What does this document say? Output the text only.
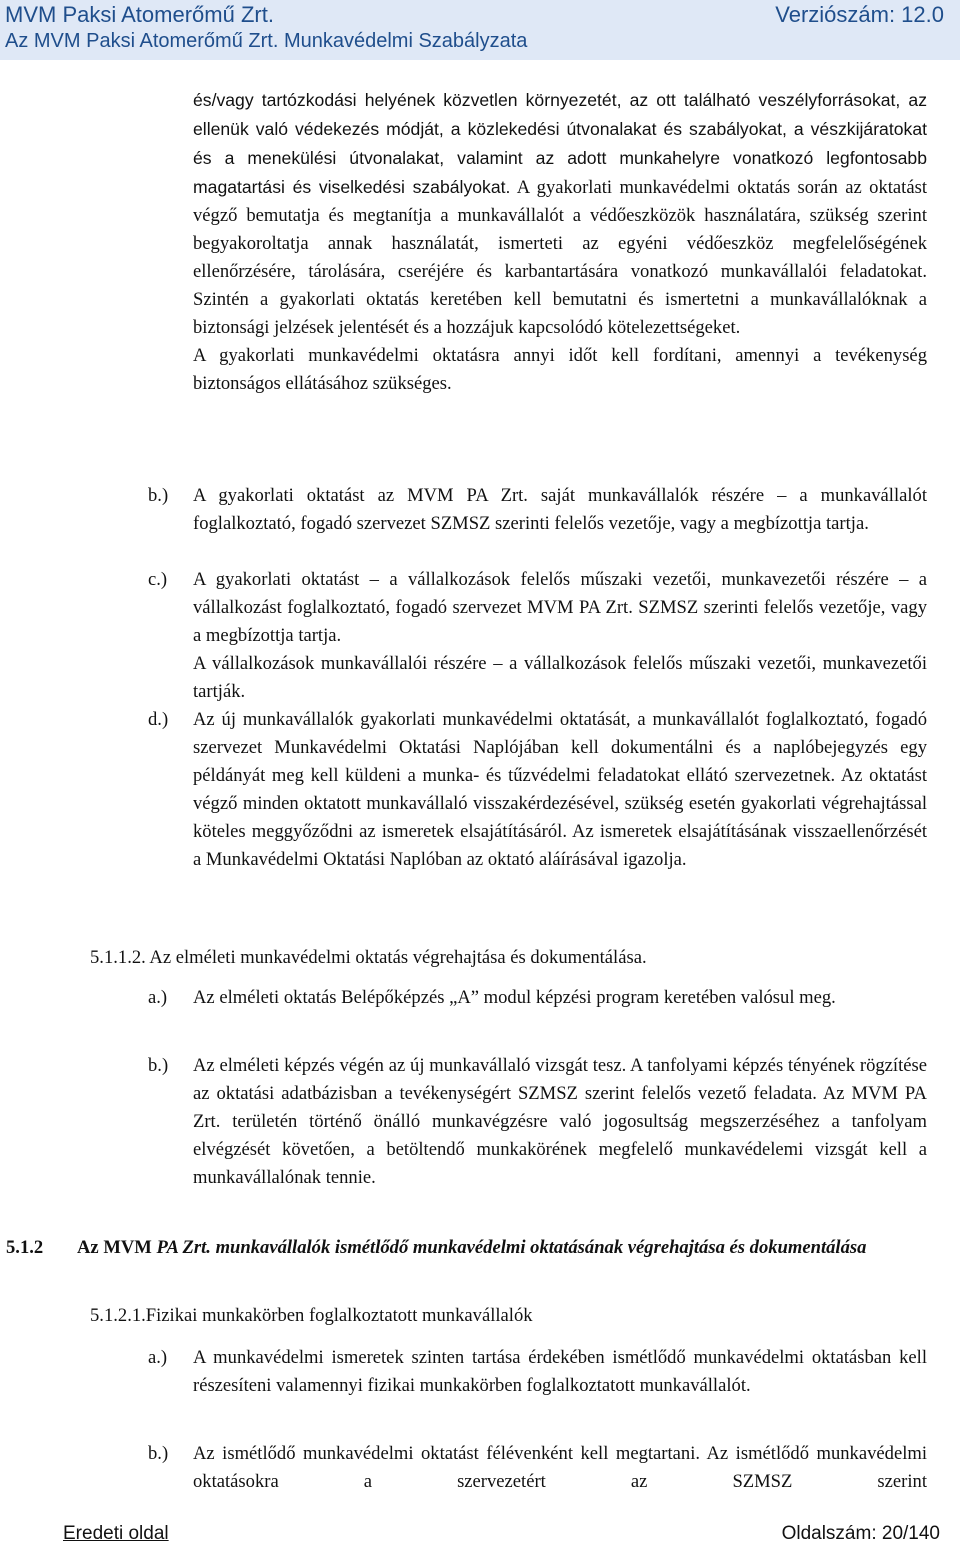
MVM Paksi Atomerőmű Zrt.	Verziószám: 12.0
Az MVM Paksi Atomerőmű Zrt. Munkavédelmi Szabályzata

és/vagy tartózkodási helyének közvetlen környezetét, az ott található veszélyforrásokat, az ellenük való védekezés módját, a közlekedési útvonalakat és szabályokat, a vészkijáratokat és a menekülési útvonalakat, valamint az adott munkahelyre vonatkozó legfontosabb magatartási és viselkedési szabályokat. A gyakorlati munkavédelmi oktatás során az oktatást végző bemutatja és megtanítja a munkavállalót a védőeszközök használatára, szükség szerint begyakoroltatja annak használatát, ismerteti az egyéni védőeszköz megfelelőségének ellenőrzésére, tárolására, cseréjére és karbantartására vonatkozó munkavállalói feladatokat. Szintén a gyakorlati oktatás keretében kell bemutatni és ismertetni a munkavállalóknak a biztonsági jelzések jelentését és a hozzájuk kapcsolódó kötelezettségeket.

A gyakorlati munkavédelmi oktatásra annyi időt kell fordítani, amennyi a tevékenység biztonságos ellátásához szükséges.

b.) A gyakorlati oktatást az MVM PA Zrt. saját munkavállalók részére – a munkavállalót foglalkoztató, fogadó szervezet SZMSZ szerinti felelős vezetője, vagy a megbízottja tartja.
c.) A gyakorlati oktatást – a vállalkozások felelős műszaki vezetői, munkavezetői részére – a vállalkozást foglalkoztató, fogadó szervezet MVM PA Zrt. SZMSZ szerinti felelős vezetője, vagy a megbízottja tartja.

A vállalkozások munkavállalói részére – a vállalkozások felelős műszaki vezetői, munkavezetői tartják.

d.) Az új munkavállalók gyakorlati munkavédelmi oktatását, a munkavállalót foglalkoztató, fogadó szervezet Munkavédelmi Oktatási Naplójában kell dokumentálni és a naplóbejegyzés egy példányát meg kell küldeni a munka- és tűzvédelmi feladatokat ellátó szervezetnek. Az oktatást végző minden oktatott munkavállaló visszakérdezésével, szükség esetén gyakorlati végrehajtással köteles meggyőződni az ismeretek elsajátításáról. Az ismeretek elsajátításának visszaellenőrzését a Munkavédelmi Oktatási Naplóban az oktató aláírásával igazolja.
5.1.1.2. Az elméleti munkavédelmi oktatás végrehajtása és dokumentálása.
a.) Az elméleti oktatás Belépőképzés „A” modul képzési program keretében valósul meg.
b.) Az elméleti képzés végén az új munkavállaló vizsgát tesz. A tanfolyami képzés tényének rögzítése az oktatási adatbázisban a tevékenységért SZMSZ szerint felelős vezető feladata. Az MVM PA Zrt. területén történő önálló munkavégzésre való jogosultság megszerzéséhez a tanfolyam elvégzését követően, a betöltendő munkakörének megfelelő munkavédelemi vizsgát kell a munkavállalónak tennie.
5.1.2 Az MVM PA Zrt. munkavállalók ismétlődő munkavédelmi oktatásának végrehajtása és dokumentálása
5.1.2.1.Fizikai munkakörben foglalkoztatott munkavállalók
a.) A munkavédelmi ismeretek szinten tartása érdekében ismétlődő munkavédelmi oktatásban kell részesíteni valamennyi fizikai munkakörben foglalkoztatott munkavállalót.
b.) Az ismétlődő munkavédelmi oktatást félévenként kell megtartani. Az ismétlődő munkavédelmi oktatásokra a szervezetért az SZMSZ szerint
Eredeti oldal	Oldalszám: 20/140
